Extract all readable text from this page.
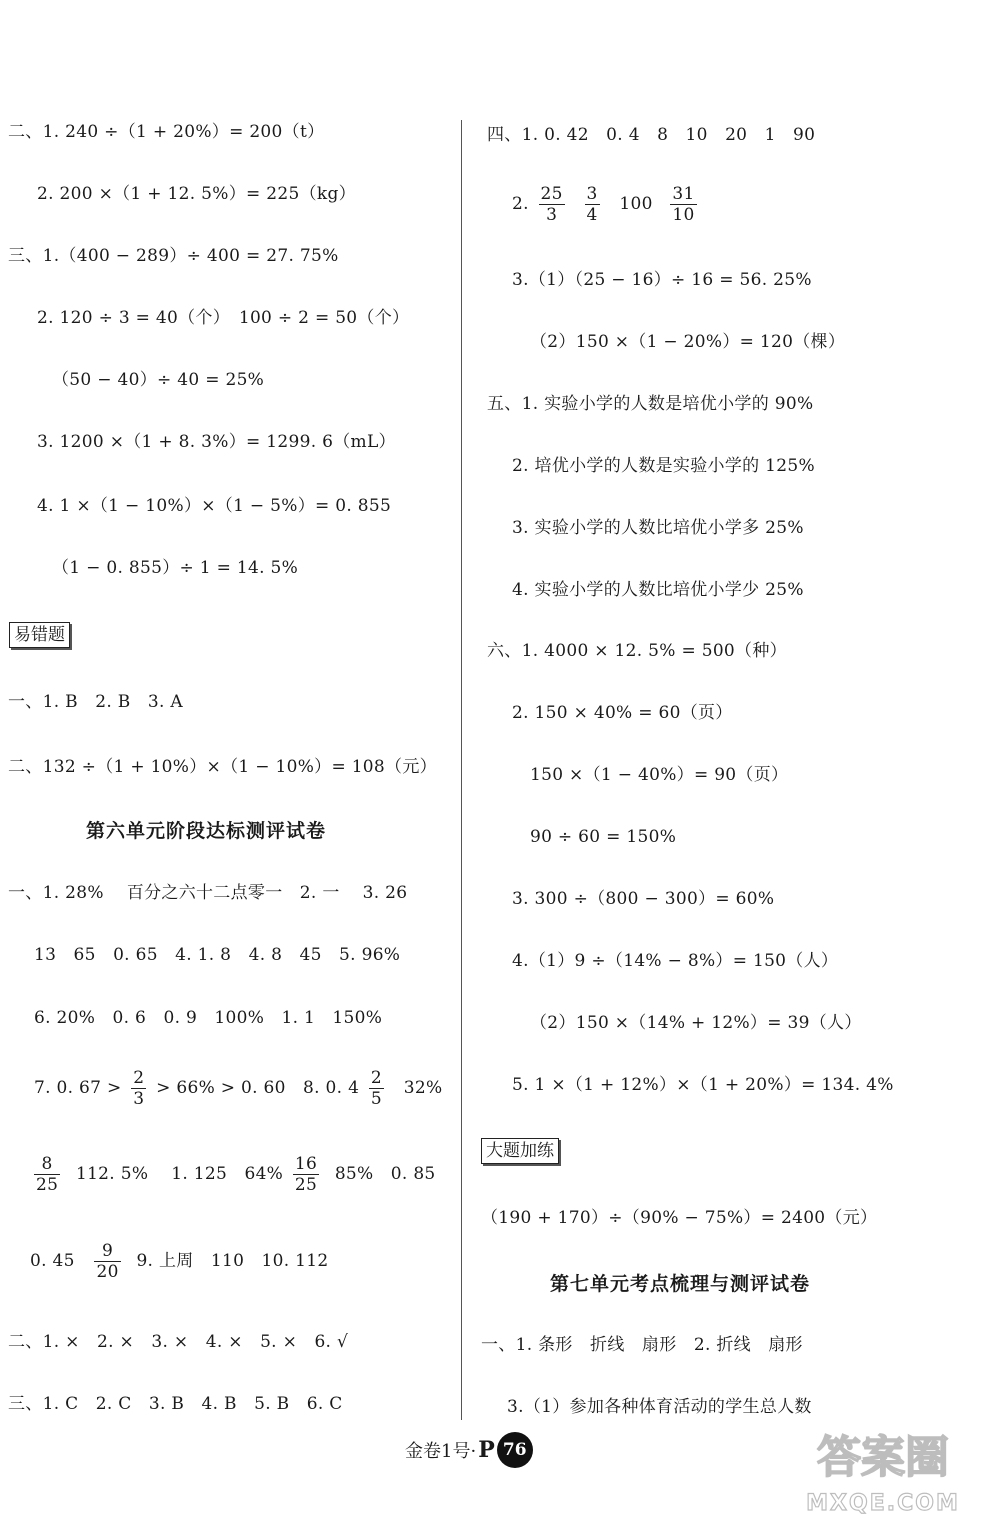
二、1. 240 ÷（1 + 20%）= 200（t）
2. 200 ×（1 + 12. 5%）= 225（kg）
三、1.（400 − 289）÷ 400 = 27. 75%
2. 120 ÷ 3 = 40（个）　100 ÷ 2 = 50（个）
（50 − 40）÷ 40 = 25%
3. 1200 ×（1 + 8. 3%）= 1299. 6（mL）
4. 1 ×（1 − 10%）×（1 − 5%）= 0. 855
（1 − 0. 855）÷ 1 = 14. 5%
易错题
一、1. B　2. B　3. A
二、132 ÷（1 + 10%）×（1 − 10%）= 108（元）
第六单元阶段达标测评试卷
一、1. 28%　 百分之六十二点零一　2. 一　 3. 26
13　65　0. 65　4. 1. 8　4. 8　45　5. 96%
6. 20%　0. 6　0. 9　100%　1. 1　150%
7. 0. $67 > \frac{2}{3} > 66\% > 0$. 60　8. 0. $4 \frac{2}{5} 32\%$
$\frac{8}{25} 112$. 5%　 1. 125　$64\% \frac{16}{25} 85\%$　0. 85
0. $45 \frac{9}{20} 9$. 上周　110　10. 112
二、1. ×　2. ×　3. ×　4. ×　5. ×　6. √
三、1. C　2. C　3. B　4. B　5. B　6. C
四、1. 0. 42　0. 4　8　10　20　1　90
2. $\frac{25}{3}$
$\frac{3}{4} 100 \frac{31}{10}$
3.（1）（25 − 16）÷ 16 = 56. 25%
（2）150 ×（1 − 20%）= 120（棵）
五、1. 实验小学的人数是培优小学的 90%
2. 培优小学的人数是实验小学的 125%
3. 实验小学的人数比培优小学多 25%
4. 实验小学的人数比培优小学少 25%
六、1. 4000 × 12. 5% = 500（种）
2. 150 × 40% = 60（页）
150 ×（1 − 40%）= 90（页）
90 ÷ 60 = 150%
3. 300 ÷（800 − 300）= 60%
4.（1）9 ÷（14% − 8%）= 150（人）
（2）150 ×（14% + 12%）= 39（人）
5. 1 ×（1 + 12%）×（1 + 20%）= 134. 4%
大题加练
（190 + 170）÷（90% − 75%）= 2400（元）
第七单元考点梳理与测评试卷
一、1. 条形　折线　扇形　2. 折线　扇形
3.（1）参加各种体育活动的学生总人数
金卷1号· P 76	答案圈
MXQE.COM
